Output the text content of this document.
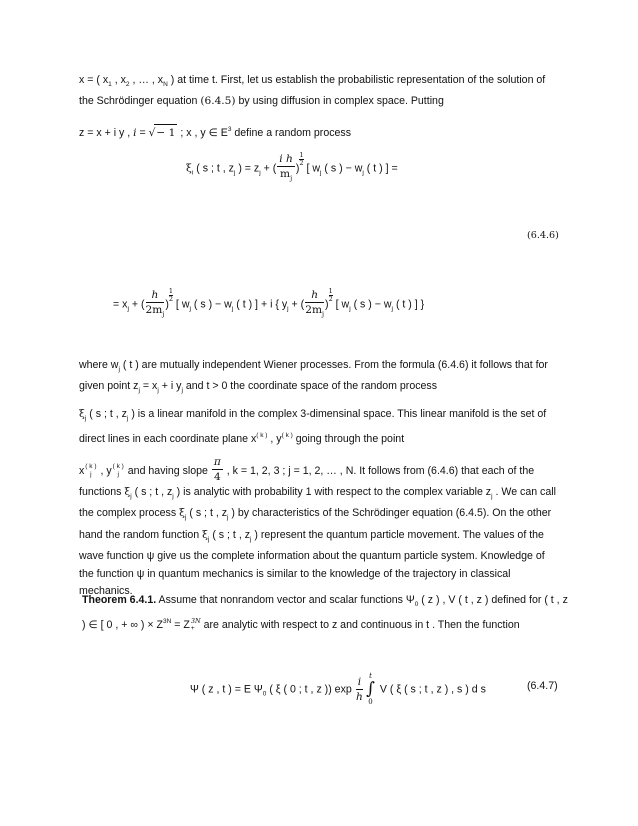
x = ( $x_1$ , $x_2$ , … , $x_N$ ) at time t. First, let us establish the probabilistic representation of the solution of
the Schrödinger equation (6.4.5) by using diffusion in complex space. Putting

z = x + i y , i = √− 1 ; x , y ∈ $E^3$ define a random process

$\xi_i$ ( s ; t , $z_j$ ) = $z_j$ + ( $\frac{\text{i h}}{m_j}$ )
$\frac{1}{2}$
[ $w_j$ ( s ) − $w_j$ ( t ) ] =
(6.4.6)
= $x_j$ + ( $\frac{h}{2m_j}$ )
$\frac{1}{2}$
[ $w_j$ ( s ) − $w_j$ ( t ) ] + i { $y_j$ + ( $\frac{h}{2m_j}$ )
$\frac{1}{2}$
[ $w_j$ ( s ) − $w_j$ ( t ) ] }

where $w_j$ ( t ) are mutually independent Wiener processes. From the formula (6.4.6) it follows that for
given point $z_j = x_j + i$ $y_j$ and t > 0 the coordinate space of the random process

$\xi_j$ ( s ; t , $z_j$ ) is a linear manifold in the complex 3-dimensinal space. This linear manifold is the set of
direct lines in each coordinate plane $x^{( k )}$ , $y^{( k )}$ going through the point

x ( k )
j , y ( k )
j and having slope $\frac{\pi}{4}$ , k = 1, 2, 3 ; j = 1, 2, … , N. It follows from (6.4.6) that each of the
functions $\xi_j$ ( s ; t , $z_j$ ) is analytic with probability 1 with respect to the complex variable $z_j$ . We can call
the complex process $\xi_j$ ( s ; t , $z_j$ ) by characteristics of the Schrödinger equation (6.4.5). On the other
hand the random function $\xi_j$ ( s ; t , $z_j$ ) represent the quantum particle movement. The values of the
wave function ψ give us the complete information about the quantum particle system. Knowledge of
the function ψ in quantum mechanics is similar to the knowledge of the trajectory in classical
mechanics.

Theorem 6.4.1. Assume that nonrandom vector and scalar functions $\Psi_0$ ( z ) , V ( t , z ) defined for ( t , z
) ∈ [ 0 , + ∞ ) × $Z^{3N} = Z$ 3N
+ are analytic with respect to z and continuous in t . Then the function

Ψ ( z , t ) = E $\Psi_0$ ( ξ ( 0 ; t , z )) $\exp \frac{i}{h}$ t
∫
0
V ( ξ ( s ; t , z ) , s ) d s	(6.4.7)
